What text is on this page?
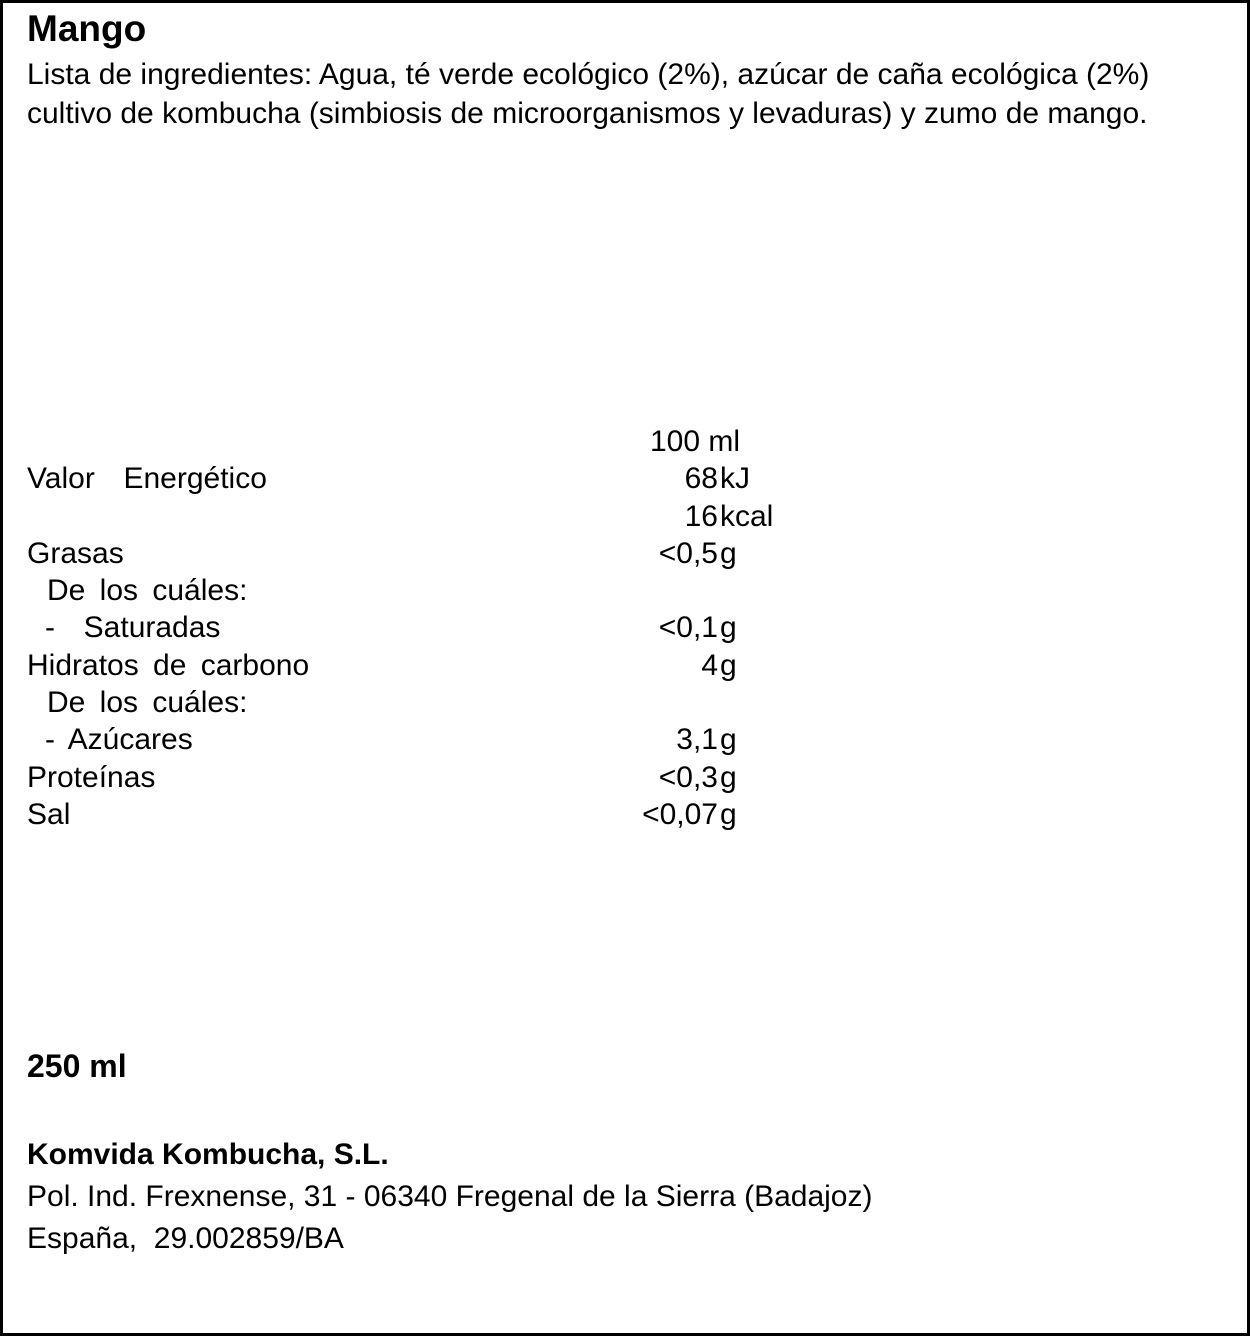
Mango
Lista de ingredientes: Agua, té verde ecológico (2%), azúcar de caña ecológica (2%) cultivo de kombucha (simbiosis de microorganismos y levaduras) y zumo de mango.
100 ml
Valor  Energético	68 kJ
16 kcal
Grasas	<0,5 g
De los cuáles:
-  Saturadas	<0,1 g
Hidratos de carbono	4 g
De los cuáles:
- Azúcares	3,1 g
Proteínas	<0,3 g
Sal	<0,07 g
250 ml
Komvida Kombucha, S.L.
Pol. Ind. Frexnense, 31 - 06340 Fregenal de la Sierra (Badajoz)
España,  29.002859/BA
